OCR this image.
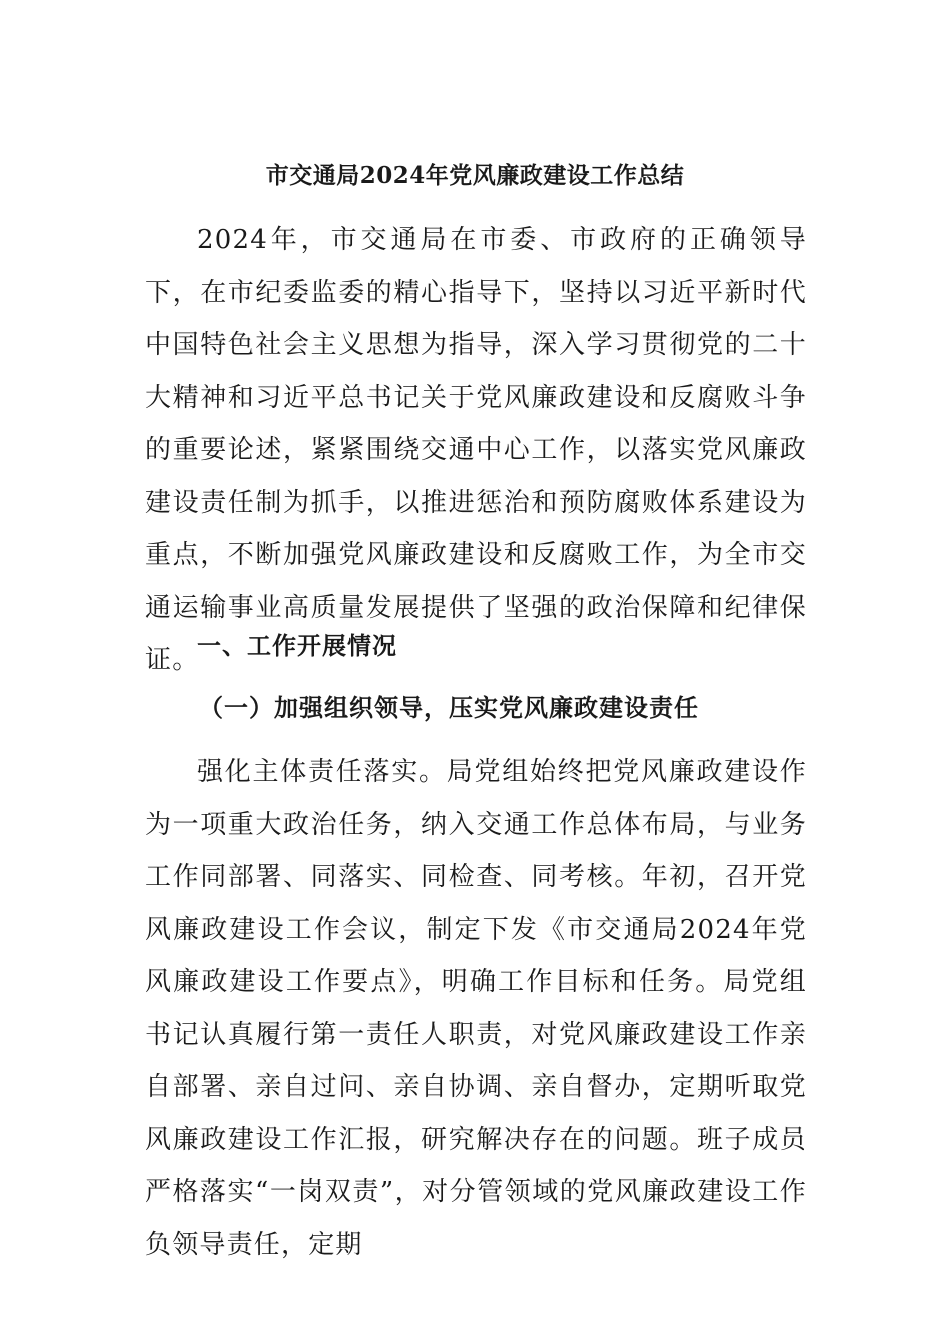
市交通局2024年党风廉政建设工作总结

2024年，市交通局在市委、市政府的正确领导下，在市纪委监委的精心指导下，坚持以习近平新时代中国特色社会主义思想为指导，深入学习贯彻党的二十大精神和习近平总书记关于党风廉政建设和反腐败斗争的重要论述，紧紧围绕交通中心工作，以落实党风廉政建设责任制为抓手，以推进惩治和预防腐败体系建设为重点，不断加强党风廉政建设和反腐败工作，为全市交通运输事业高质量发展提供了坚强的政治保障和纪律保证。

一、工作开展情况
（一）加强组织领导，压实党风廉政建设责任

强化主体责任落实。局党组始终把党风廉政建设作为一项重大政治任务，纳入交通工作总体布局，与业务工作同部署、同落实、同检查、同考核。年初，召开党风廉政建设工作会议，制定下发《市交通局2024年党风廉政建设工作要点》，明确工作目标和任务。局党组书记认真履行第一责任人职责，对党风廉政建设工作亲自部署、亲自过问、亲自协调、亲自督办，定期听取党风廉政建设工作汇报，研究解决存在的问题。班子成员严格落实“一岗双责”，对分管领域的党风廉政建设工作负领导责任，定期
